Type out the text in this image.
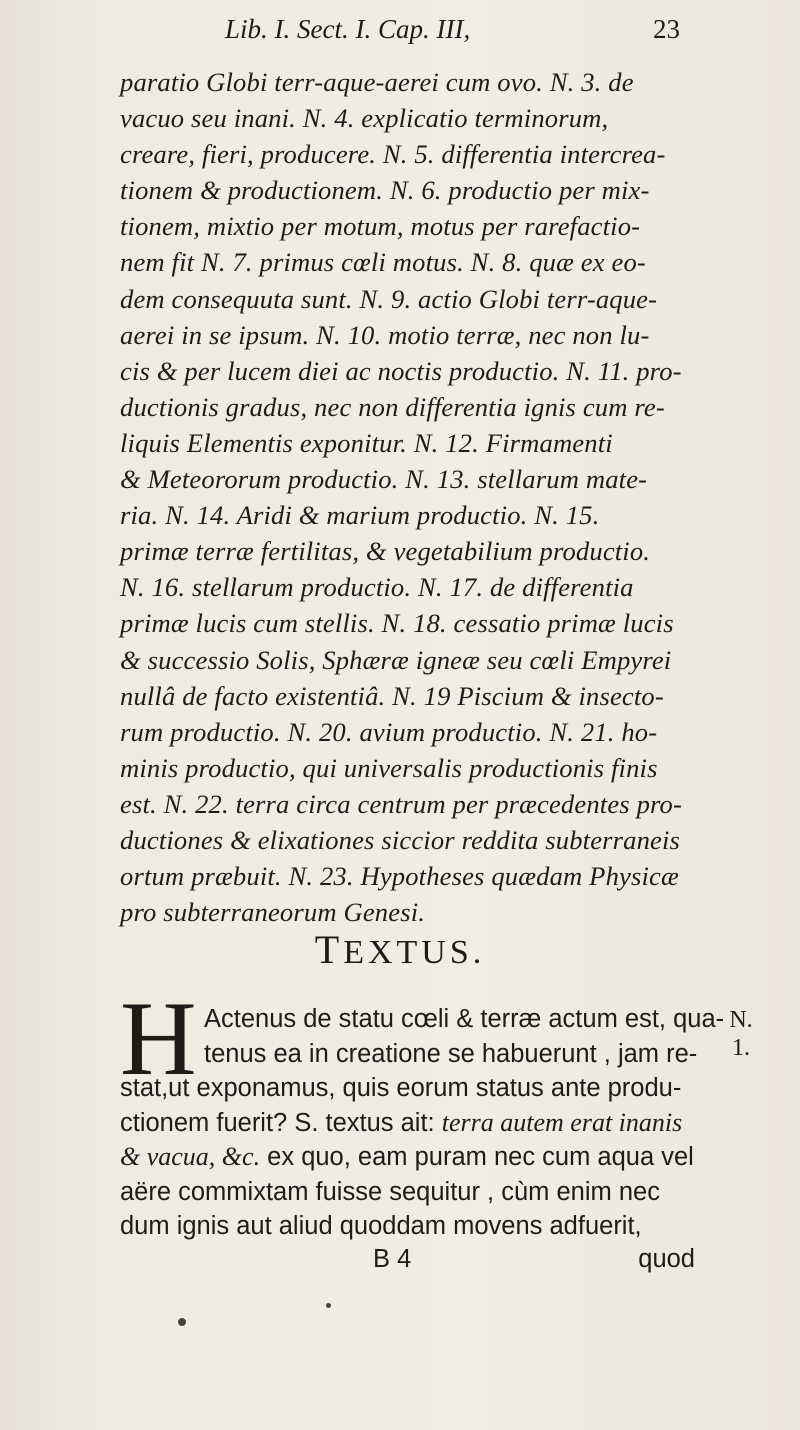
Lib. I. Sect. I. Cap. III,	23
paratio Globi terr-aque-aerei cum ovo. N. 3. de
vacuo seu inani. N. 4. explicatio terminorum,
creare, fieri, producere. N. 5. differentia intercrea-
tionem & productionem. N. 6. productio per mix-
tionem, mixtio per motum, motus per rarefactio-
nem fit N. 7. primus cœli motus. N. 8. quæ ex eo-
dem consequuta sunt. N. 9. actio Globi terr-aque-
aerei in se ipsum. N. 10. motio terræ, nec non lu-
cis & per lucem diei ac noctis productio. N. 11. pro-
ductionis gradus, nec non differentia ignis cum re-
liquis Elementis exponitur. N. 12. Firmamenti
& Meteororum productio. N. 13. stellarum mate-
ria. N. 14. Aridi & marium productio. N. 15.
primæ terræ fertilitas, & vegetabilium productio.
N. 16. stellarum productio. N. 17. de differentia
primæ lucis cum stellis. N. 18. cessatio primæ lucis
& successio Solis, Sphæræ igneæ seu cœli Empyrei
nullâ de facto existentiâ. N. 19 Piscium & insecto-
rum productio. N. 20. avium productio. N. 21. ho-
minis productio, qui universalis productionis finis
est. N. 22. terra circa centrum per præcedentes pro-
ductiones & elixationes siccior reddita subterraneis
ortum præbuit. N. 23. Hypotheses quædam Physicæ
pro subterraneorum Genesi.
TEXTUS.
H Actenus de statu cœli & terræ actum est, qua-
tenus ea in creatione se habuerunt , jam re-
stat,ut exponamus, quis eorum status ante produ-
ctionem fuerit? S. textus ait: terra autem erat inanis
& vacua, &c. ex quo, eam puram nec cum aqua vel
aëre commixtam fuisse sequitur , cùm enim nec
dum ignis aut aliud quoddam movens adfuerit,
B 4	quod
N.
1.
